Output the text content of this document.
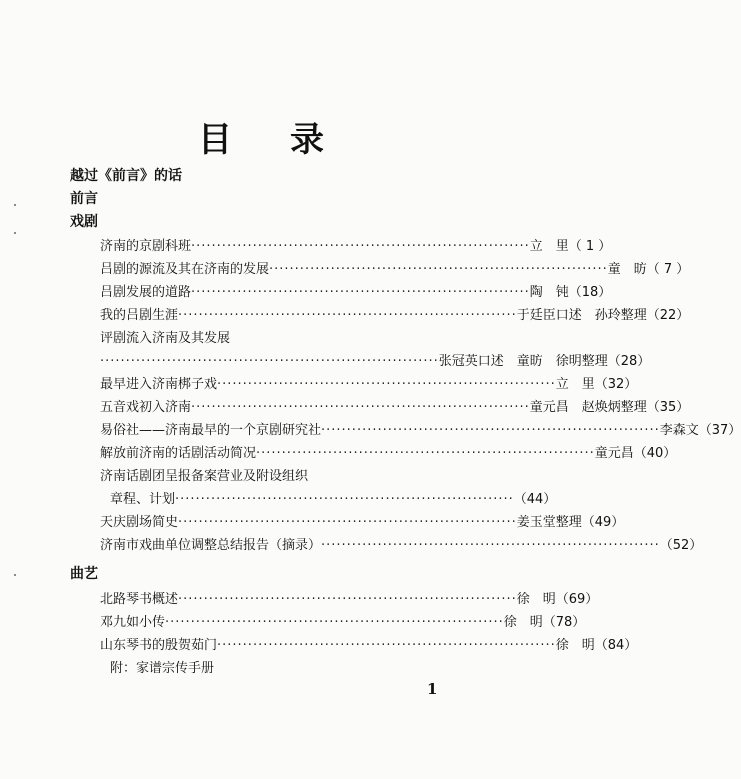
目 录
越过《前言》的话
前言
戏剧
济南的京剧科班 ·································································· 立　里 （ 1 ）
吕剧的源流及其在济南的发展 ·································································· 童　昉 （ 7 ）
吕剧发展的道路 ·································································· 陶　钝 （18）
我的吕剧生涯 ·································································· 于廷臣口述　孙玲整理 （22）
评剧流入济南及其发展
·································································· 张冠英口述　童昉　徐明整理 （28）
最早进入济南梆子戏 ·································································· 立　里 （32）
五音戏初入济南 ·································································· 童元昌　赵焕炳整理 （35）
易俗社——济南最早的一个京剧研究社 ·································································· 李森文 （37）
解放前济南的话剧活动简况 ·································································· 童元昌 （40）
济南话剧团呈报备案营业及附设组织
章程、计划 ·································································· （44）
天庆剧场简史 ·································································· 姜玉堂整理 （49）
济南市戏曲单位调整总结报告（摘录） ·································································· （52）
曲艺
北路琴书概述 ·································································· 徐　明 （69）
邓九如小传 ·································································· 徐　明 （78）
山东琴书的殷贺茹门 ·································································· 徐　明 （84）
附：家谱宗传手册
1
